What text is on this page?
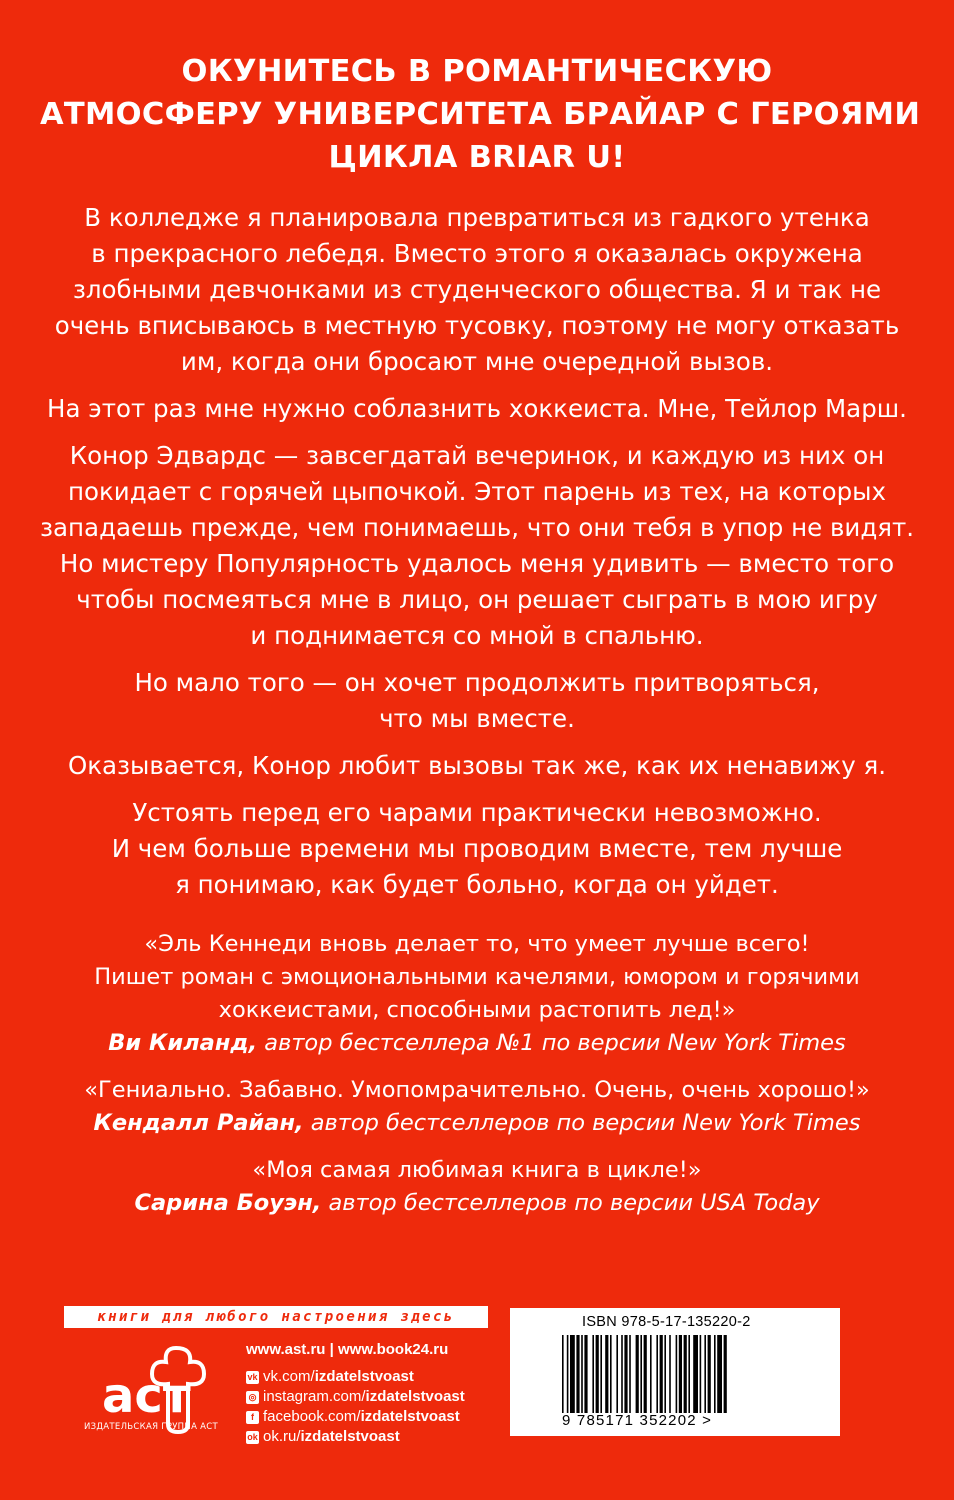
ОКУНИТЕСЬ В РОМАНТИЧЕСКУЮ
АТМОСФЕРУ УНИВЕРСИТЕТА БРАЙАР С ГЕРОЯМИ
ЦИКЛА BRIAR U!

В колледже я планировала превратиться из гадкого утенка
в прекрасного лебедя. Вместо этого я оказалась окружена
злобными девчонками из студенческого общества. Я и так не
очень вписываюсь в местную тусовку, поэтому не могу отказать
им, когда они бросают мне очередной вызов.

На этот раз мне нужно соблазнить хоккеиста. Мне, Тейлор Марш.

Конор Эдвардс — завсегдатай вечеринок, и каждую из них он
покидает с горячей цыпочкой. Этот парень из тех, на которых
западаешь прежде, чем понимаешь, что они тебя в упор не видят.
Но мистеру Популярность удалось меня удивить — вместо того
чтобы посмеяться мне в лицо, он решает сыграть в мою игру
и поднимается со мной в спальню.

Но мало того — он хочет продолжить притворяться,
что мы вместе.

Оказывается, Конор любит вызовы так же, как их ненавижу я.

Устоять перед его чарами практически невозможно.
И чем больше времени мы проводим вместе, тем лучше
я понимаю, как будет больно, когда он уйдет.

«Эль Кеннеди вновь делает то, что умеет лучше всего!
Пишет роман с эмоциональными качелями, юмором и горячими
хоккеистами, способными растопить лед!»
Ви Киланд, автор бестселлера №1 по версии New York Times
«Гениально. Забавно. Умопомрачительно. Очень, очень хорошо!»
Кендалл Райан, автор бестселлеров по версии New York Times
«Моя самая любимая книга в цикле!»
Сарина Боуэн, автор бестселлеров по версии USA Today
книги для любого настроения здесь
аст
ИЗДАТЕЛЬСКАЯ ГРУППА АСТ
www.ast.ru | www.book24.ru
vk vk.com/ izdatelstvoast
◎ instagram.com/ izdatelstvoast
f facebook.com/ izdatelstvoast
ok ok.ru/ izdatelstvoast
ISBN 978-5-17-135220-2
9 785171 352202 >
